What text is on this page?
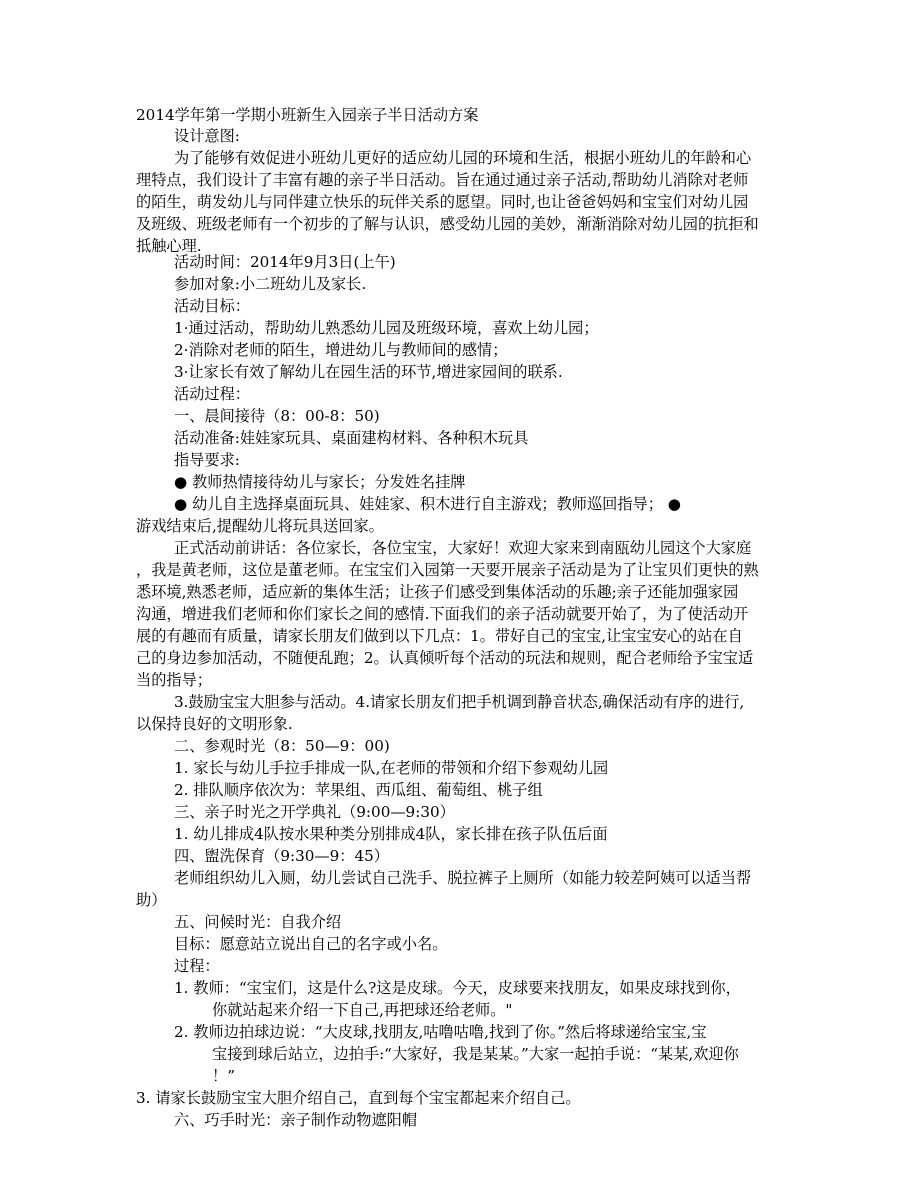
2014学年第一学期小班新生入园亲子半日活动方案
设计意图:
为了能够有效促进小班幼儿更好的适应幼儿园的环境和生活，根据小班幼儿的年龄和心
理特点，我们设计了丰富有趣的亲子半日活动。旨在通过通过亲子活动,帮助幼儿消除对老师
的陌生，萌发幼儿与同伴建立快乐的玩伴关系的愿望。同时,也让爸爸妈妈和宝宝们对幼儿园
及班级、班级老师有一个初步的了解与认识，感受幼儿园的美妙，渐渐消除对幼儿园的抗拒和
抵触心理.
活动时间：2014年9月3日(上午)
参加对象:小二班幼儿及家长.
活动目标：
1·通过活动，帮助幼儿熟悉幼儿园及班级环境，喜欢上幼儿园；
2·消除对老师的陌生，增进幼儿与教师间的感情；
3·让家长有效了解幼儿在园生活的环节,增进家园间的联系.
活动过程：
一、晨间接待（8：00-8：50)
活动准备:娃娃家玩具、桌面建构材料、各种积木玩具
指导要求:
● 教师热情接待幼儿与家长；分发姓名挂牌
● 幼儿自主选择桌面玩具、娃娃家、积木进行自主游戏；教师巡回指导； ●
游戏结束后,提醒幼儿将玩具送回家。
正式活动前讲话：各位家长，各位宝宝，大家好！欢迎大家来到南瓯幼儿园这个大家庭
，我是黄老师，这位是董老师。在宝宝们入园第一天要开展亲子活动是为了让宝贝们更快的熟
悉环境,熟悉老师，适应新的集体生活；让孩子们感受到集体活动的乐趣;亲子还能加强家园
沟通，增进我们老师和你们家长之间的感情.下面我们的亲子活动就要开始了，为了使活动开
展的有趣而有质量，请家长朋友们做到以下几点：1。带好自己的宝宝,让宝宝安心的站在自
己的身边参加活动，不随便乱跑；2。认真倾听每个活动的玩法和规则，配合老师给予宝宝适
当的指导；
3.鼓励宝宝大胆参与活动。4.请家长朋友们把手机调到静音状态,确保活动有序的进行,
以保持良好的文明形象.
二、参观时光（8：50—9：00)
1. 家长与幼儿手拉手排成一队,在老师的带领和介绍下参观幼儿园
2. 排队顺序依次为：苹果组、西瓜组、葡萄组、桃子组
三、亲子时光之开学典礼（9:00—9:30）
1. 幼儿排成4队按水果种类分别排成4队，家长排在孩子队伍后面
四、盥洗保育（9:30—9：45）
老师组织幼儿入厕，幼儿尝试自己洗手、脱拉裤子上厕所（如能力较差阿姨可以适当帮
助）
五、问候时光：自我介绍
目标：愿意站立说出自己的名字或小名。
过程：
1. 教师：“宝宝们，这是什么?这是皮球。今天，皮球要来找朋友，如果皮球找到你，
你就站起来介绍一下自己,再把球还给老师。"
2. 教师边拍球边说：“大皮球,找朋友,咕噜咕噜,找到了你。”然后将球递给宝宝,宝
宝接到球后站立，边拍手:“大家好，我是某某。”大家一起拍手说：“某某,欢迎你
！”
3. 请家长鼓励宝宝大胆介绍自己，直到每个宝宝都起来介绍自己。
六、巧手时光：亲子制作动物遮阳帽
